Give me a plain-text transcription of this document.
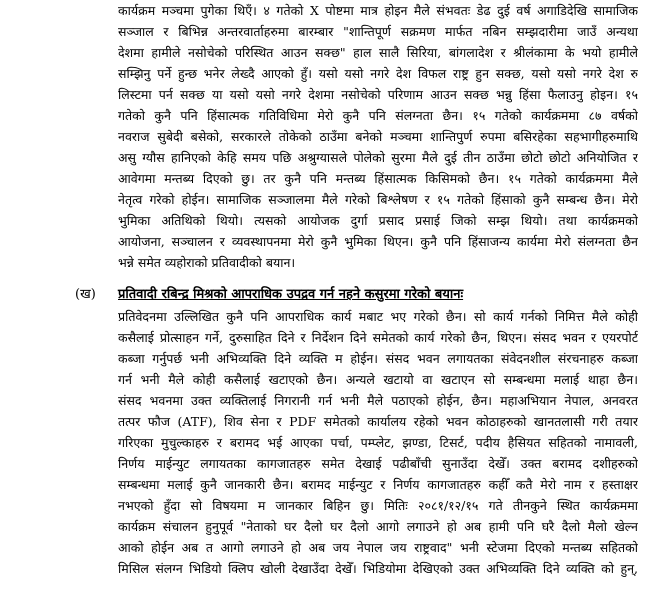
कार्यक्रम मञ्चमा पुगेका थिएँ। ४ गतेको X पोष्टमा मात्र होइन मैले संभवतः डेढ दुई वर्ष अगाडिदेखि सामाजिक
सञ्जाल र बिभिन्न अन्तरवार्ताहरुमा बारम्बार "शान्तिपूर्ण सक्रमण मार्फत नबिन सम्झदारीमा जाउँ अन्यथा
देशमा हामीले नसोचेको परिस्थित आउन सक्छ" हाल सालै सिरिया, बांगलादेश र श्रीलंकामा के भयो हामीले
सम्झिनु पर्ने हुन्छ भनेर लेख्दै आएको हुँ। यसो यसो नगरे देश विफल राष्ट्र हुन सक्छ, यसो यसो नगरे देश रु
लिस्टमा पर्न सक्छ या यसो यसो नगरे देशमा नसोचेको परिणाम आउन सक्छ भन्नु हिंसा फैलाउनु होइन। १५
गतेको कुनै पनि हिंसात्मक गतिविधिमा मेरो कुनै पनि संलग्नता छैन। १५ गतेको कार्यक्रममा ८७ वर्षको
नवराज सुबेदी बसेको, सरकारले तोकेको ठाउँमा बनेको मञ्चमा शान्तिपुर्ण रुपमा बसिरहेका सहभागीहरुमाथि
असु ग्यौस हानिएको केहि समय पछि अश्रुग्यासले पोलेको सुरमा मैले दुई तीन ठाउँमा छोटो छोटो अनियोजित र
आवेगमा मन्तब्य दिएको छु। तर कुनै पनि मन्तब्य हिंसात्मक किसिमको छैन। १५ गतेको कार्यक्रममा मैले
नेतृत्व गरेको होईन। सामाजिक सञ्जालमा मैले गरेको बिश्लेषण र १५ गतेको हिंसाको कुनै सम्बन्ध छैन। मेरो
भुमिका अतिथिको थियो। त्यसको आयोजक दुर्गा प्रसाद प्रसाई जिको सम्झ थियो। तथा कार्यक्रमको
आयोजना, सञ्चालन र व्यवस्थापनमा मेरो कुनै भुमिका थिएन। कुनै पनि हिंसाजन्य कार्यमा मेरो संलग्नता छैन
भन्ने समेत व्यहोराको प्रतिवादीको बयान।
(ख) प्रतिवादी रबिन्द्र मिश्रको आपराधिक उपद्रव गर्न नहने कसुरमा गरेको बयानः
प्रतिवेदनमा उल्लिखित कुनै पनि आपराधिक कार्य मबाट भए गरेको छैन। सो कार्य गर्नको निमित्त मैले कोही
कसैलाई प्रोत्साहन गर्ने, दुरुसाहित दिने र निर्देशन दिने समेतको कार्य गरेको छैन, थिएन। संसद भवन र एयरपोर्ट
कब्जा गर्नुपर्छ भनी अभिव्यक्ति दिने व्यक्ति म होईन। संसद भवन लगायतका संवेदनशील संरचनाहरु कब्जा
गर्न भनी मैले कोही कसैलाई खटाएको छैन। अन्यले खटायो वा खटाएन सो सम्बन्धमा मलाई थाहा छैन।
संसद भवनमा उक्त व्यक्तिलाई निगरानी गर्न भनी मैले पठाएको होईन, छैन। महाअभियान नेपाल, अनवरत
तत्पर फौज (ATF), शिव सेना र PDF समेतको कार्यालय रहेको भवन कोठाहरुको खानतलासी गरी तयार
गरिएका मुचुल्काहरु र बरामद भई आएका पर्चा, पम्प्लेट, झण्डा, टिसर्ट, पदीय हैसियत सहितको नामावली,
निर्णय माईन्युट लगायतका कागजातहरु समेत देखाई पढीबाँची सुनाउँदा देखेँ। उक्त बरामद दशीहरुको
सम्बन्धमा मलाई कुनै जानकारी छैन। बरामद माईन्युट र निर्णय कागजातहरु कहीँ कतै मेरो नाम र हस्ताक्षर
नभएको हुँदा सो विषयमा म जानकार बिहिन छु। मितिः २०८१/१२/१५ गते तीनकुने स्थित कार्यक्रममा
कार्यक्रम संचालन हुनुपूर्व "नेताको घर दैलो घर दैलो आगो लगाउने हो अब हामी पनि घरै दैलो मैलो खेल्न
आको होईन अब त आगो लगाउने हो अब जय नेपाल जय राष्ट्रवाद" भनी स्टेजमा दिएको मन्तब्य सहितको
मिसिल संलग्न भिडियो क्लिप खोली देखाउँदा देखेँ। भिडियोमा देखिएको उक्त अभिव्यक्ति दिने व्यक्ति को हुन्,
